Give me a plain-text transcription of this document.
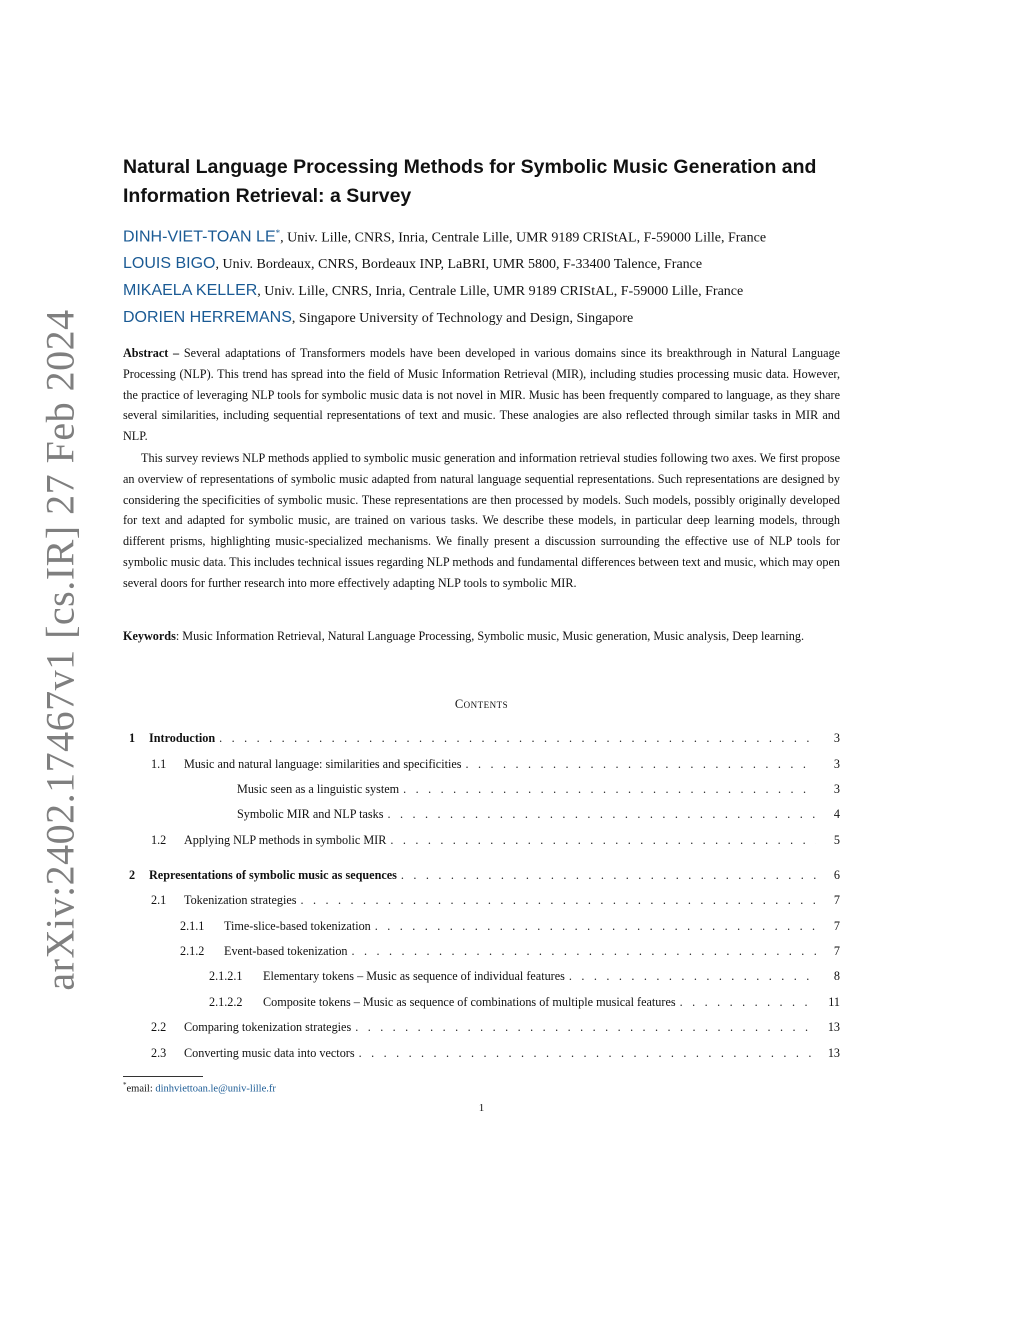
arXiv:2402.17467v1 [cs.IR] 27 Feb 2024
Natural Language Processing Methods for Symbolic Music Generation and Information Retrieval: a Survey
DINH-VIET-TOAN LE*, Univ. Lille, CNRS, Inria, Centrale Lille, UMR 9189 CRIStAL, F-59000 Lille, France
LOUIS BIGO, Univ. Bordeaux, CNRS, Bordeaux INP, LaBRI, UMR 5800, F-33400 Talence, France
MIKAELA KELLER, Univ. Lille, CNRS, Inria, Centrale Lille, UMR 9189 CRIStAL, F-59000 Lille, France
DORIEN HERREMANS, Singapore University of Technology and Design, Singapore
Abstract – Several adaptations of Transformers models have been developed in various domains since its breakthrough in Natural Language Processing (NLP). This trend has spread into the field of Music Information Retrieval (MIR), including studies processing music data. However, the practice of leveraging NLP tools for symbolic music data is not novel in MIR. Music has been frequently compared to language, as they share several similarities, including sequential representations of text and music. These analogies are also reflected through similar tasks in MIR and NLP.
This survey reviews NLP methods applied to symbolic music generation and information retrieval studies following two axes. We first propose an overview of representations of symbolic music adapted from natural language sequential representations. Such representations are designed by considering the specificities of symbolic music. These representations are then processed by models. Such models, possibly originally developed for text and adapted for symbolic music, are trained on various tasks. We describe these models, in particular deep learning models, through different prisms, highlighting music-specialized mechanisms. We finally present a discussion surrounding the effective use of NLP tools for symbolic music data. This includes technical issues regarding NLP methods and fundamental differences between text and music, which may open several doors for further research into more effectively adapting NLP tools to symbolic MIR.
Keywords: Music Information Retrieval, Natural Language Processing, Symbolic music, Music generation, Music analysis, Deep learning.
Contents
1	Introduction . . .	3
1.1	Music and natural language: similarities and specificities . . .	3
Music seen as a linguistic system . . .	3
Symbolic MIR and NLP tasks . . .	4
1.2	Applying NLP methods in symbolic MIR . . .	5
2	Representations of symbolic music as sequences . . .	6
2.1	Tokenization strategies . . .	7
2.1.1	Time-slice-based tokenization . . .	7
2.1.2	Event-based tokenization . . .	7
2.1.2.1	Elementary tokens – Music as sequence of individual features . . .	8
2.1.2.2	Composite tokens – Music as sequence of combinations of multiple musical features . . .	11
2.2	Comparing tokenization strategies . . .	13
2.3	Converting music data into vectors . . .	13
*email: dinhviettoan.le@univ-lille.fr
1
